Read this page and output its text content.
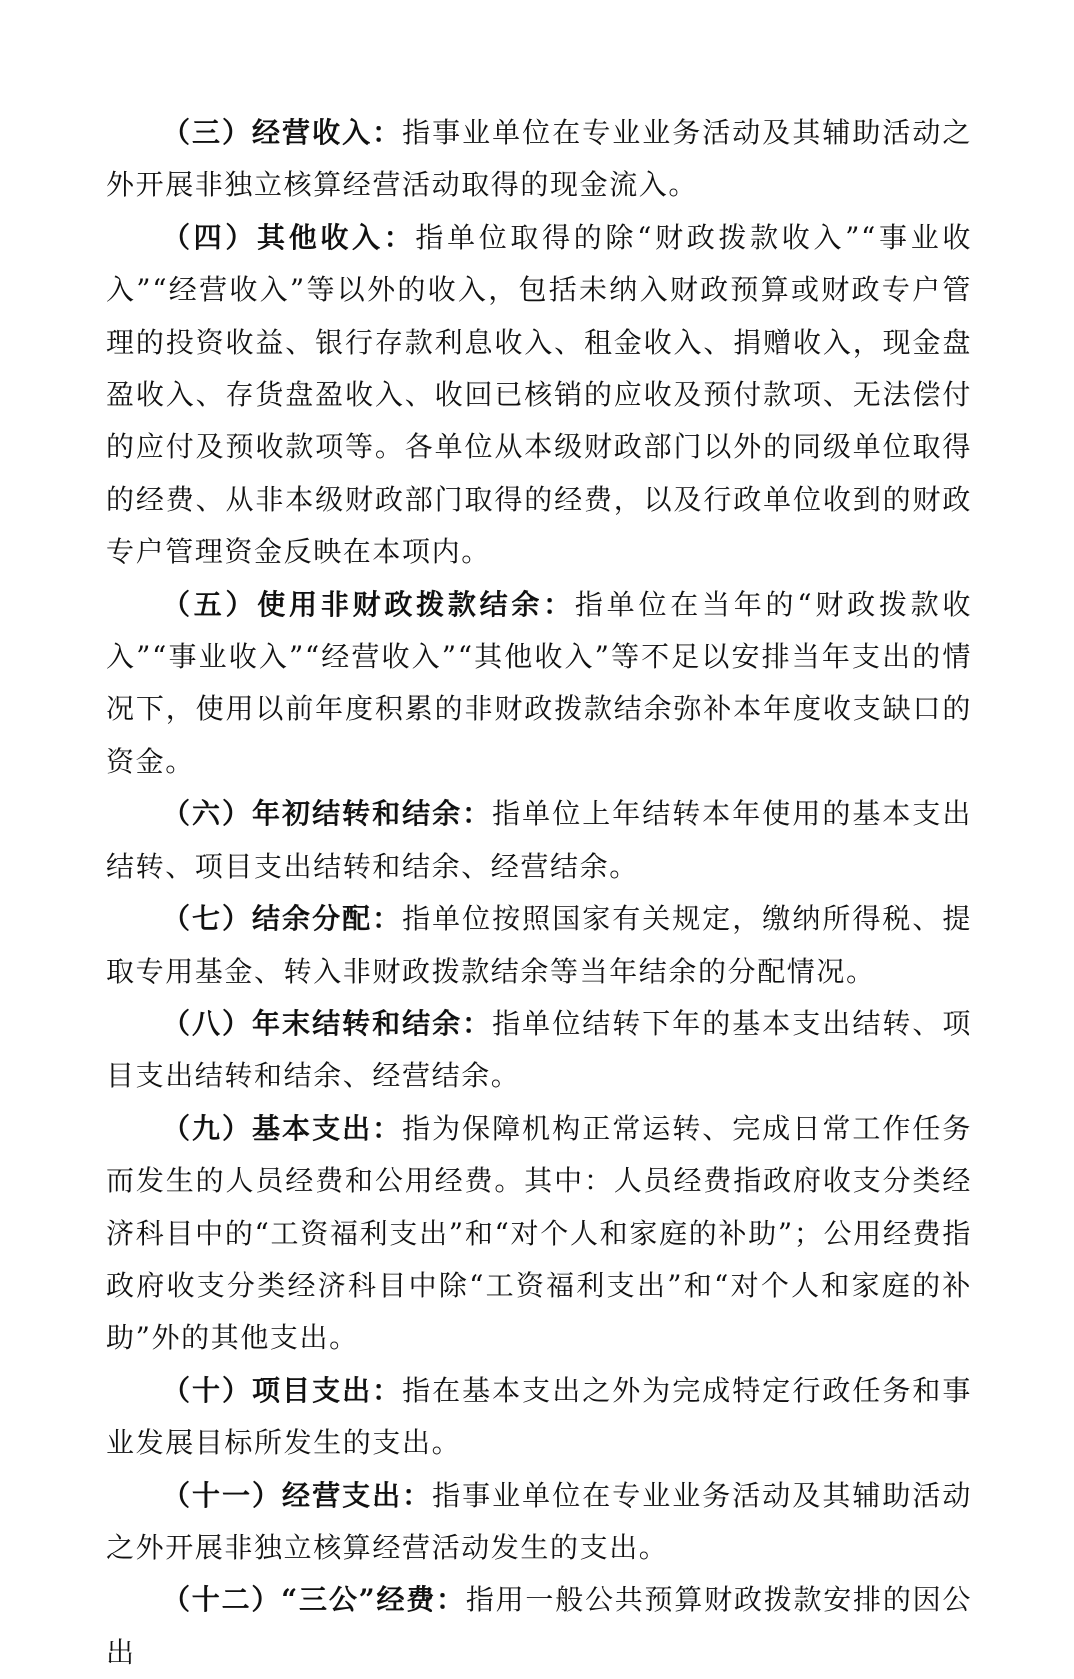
（三）经营收入：指事业单位在专业业务活动及其辅助活动之外开展非独立核算经营活动取得的现金流入。

（四）其他收入：指单位取得的除“财政拨款收入”“事业收入”“经营收入”等以外的收入，包括未纳入财政预算或财政专户管理的投资收益、银行存款利息收入、租金收入、捐赠收入，现金盘盈收入、存货盘盈收入、收回已核销的应收及预付款项、无法偿付的应付及预收款项等。各单位从本级财政部门以外的同级单位取得的经费、从非本级财政部门取得的经费，以及行政单位收到的财政专户管理资金反映在本项内。

（五）使用非财政拨款结余：指单位在当年的“财政拨款收入”“事业收入”“经营收入”“其他收入”等不足以安排当年支出的情况下，使用以前年度积累的非财政拨款结余弥补本年度收支缺口的资金。

（六）年初结转和结余：指单位上年结转本年使用的基本支出结转、项目支出结转和结余、经营结余。

（七）结余分配：指单位按照国家有关规定，缴纳所得税、提取专用基金、转入非财政拨款结余等当年结余的分配情况。

（八）年末结转和结余：指单位结转下年的基本支出结转、项目支出结转和结余、经营结余。

（九）基本支出：指为保障机构正常运转、完成日常工作任务而发生的人员经费和公用经费。其中：人员经费指政府收支分类经济科目中的“工资福利支出”和“对个人和家庭的补助”；公用经费指政府收支分类经济科目中除“工资福利支出”和“对个人和家庭的补助”外的其他支出。

（十）项目支出：指在基本支出之外为完成特定行政任务和事业发展目标所发生的支出。

（十一）经营支出：指事业单位在专业业务活动及其辅助活动之外开展非独立核算经营活动发生的支出。

（十二）“三公”经费：指用一般公共预算财政拨款安排的因公出
